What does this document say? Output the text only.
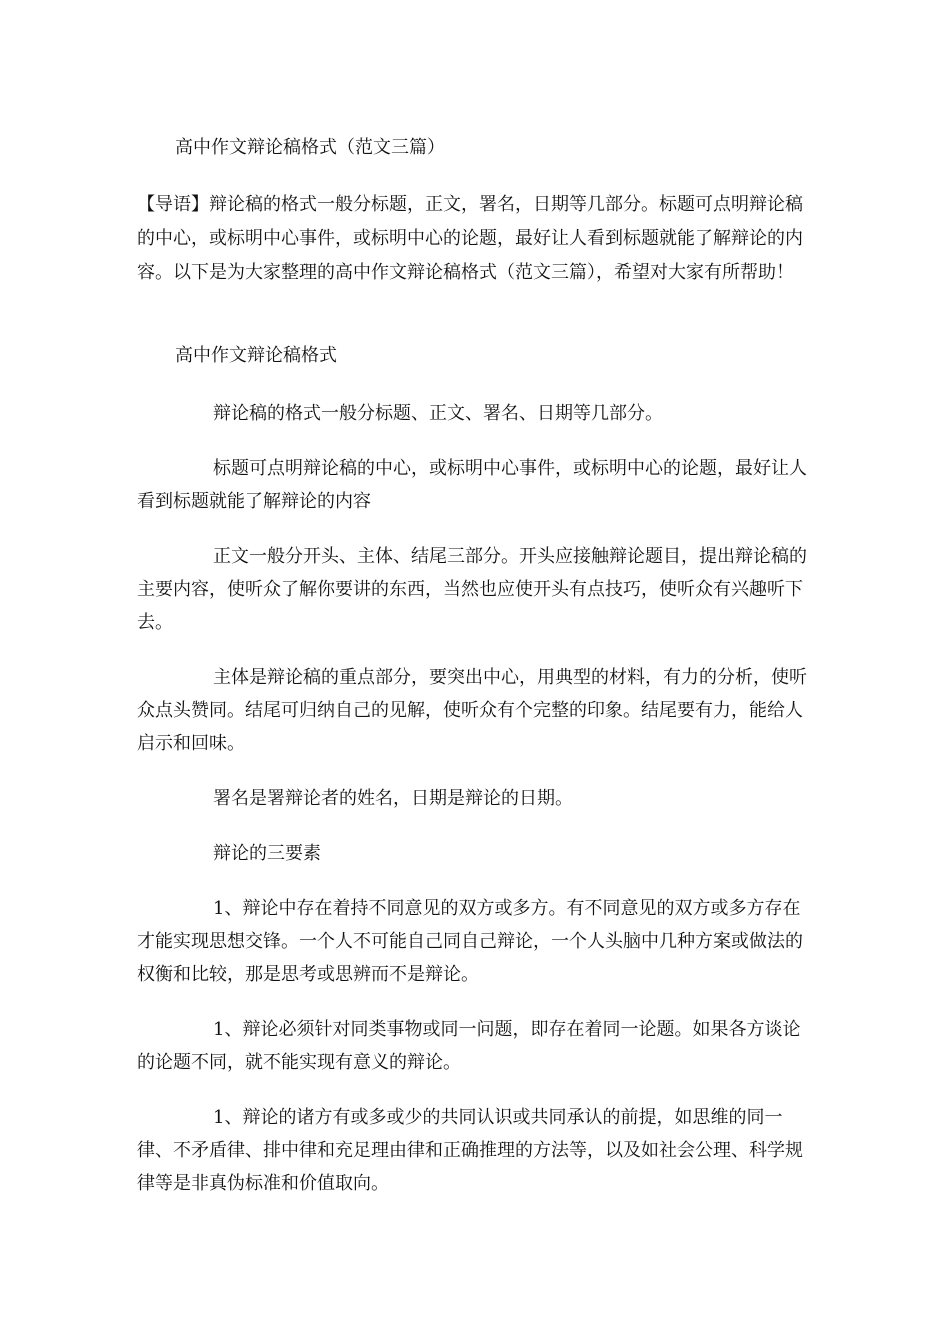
高中作文辩论稿格式（范文三篇）

【导语】辩论稿的格式一般分标题，正文，署名，日期等几部分。标题可点明辩论稿的中心，或标明中心事件，或标明中心的论题，最好让人看到标题就能了解辩论的内容。以下是为大家整理的高中作文辩论稿格式（范文三篇），希望对大家有所帮助！

高中作文辩论稿格式

辩论稿的格式一般分标题、正文、署名、日期等几部分。

标题可点明辩论稿的中心，或标明中心事件，或标明中心的论题，最好让人看到标题就能了解辩论的内容

正文一般分开头、主体、结尾三部分。开头应接触辩论题目，提出辩论稿的主要内容，使听众了解你要讲的东西，当然也应使开头有点技巧，使听众有兴趣听下去。

主体是辩论稿的重点部分，要突出中心，用典型的材料，有力的分析，使听众点头赞同。结尾可归纳自己的见解，使听众有个完整的印象。结尾要有力，能给人启示和回味。

署名是署辩论者的姓名，日期是辩论的日期。

辩论的三要素

1、辩论中存在着持不同意见的双方或多方。有不同意见的双方或多方存在才能实现思想交锋。一个人不可能自己同自己辩论，一个人头脑中几种方案或做法的权衡和比较，那是思考或思辨而不是辩论。

1、辩论必须针对同类事物或同一问题，即存在着同一论题。如果各方谈论的论题不同，就不能实现有意义的辩论。

1、辩论的诸方有或多或少的共同认识或共同承认的前提，如思维的同一律、不矛盾律、排中律和充足理由律和正确推理的方法等，以及如社会公理、科学规律等是非真伪标准和价值取向。
